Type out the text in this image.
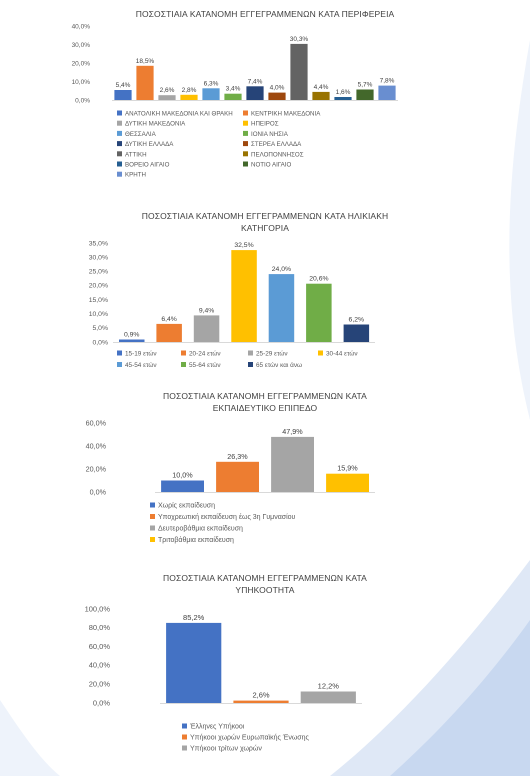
ΠΟΣΟΣΤΙΑΙΑ ΚΑΤΑΝΟΜΗ ΕΓΓΕΓΡΑΜΜΕΝΩΝ ΚΑΤΑ ΠΕΡΙΦΕΡΕΙΑ
40,0%
30,0%
20,0%
10,0%
0,0%
5,4%
18,5%
2,6% 2,8%
6,3%
3,4%
7,4%
4,0%
30,3%
4,4%
1,6%
5,7%
7,8%
ΑΝΑΤΟΛΙΚΗ ΜΑΚΕΔΟΝΙΑ ΚΑΙ ΘΡΑΚΗ	ΚΕΝΤΡΙΚΗ ΜΑΚΕΔΟΝΙΑ
ΔΥΤΙΚΗ ΜΑΚΕΔΟΝΙΑ	ΗΠΕΙΡΟΣ
ΘΕΣΣΑΛΙΑ	ΙΟΝΙΑ ΝΗΣΙΑ
ΔΥΤΙΚΗ ΕΛΛΑΔΑ	ΣΤΕΡΕΑ ΕΛΛΑΔΑ
ΑΤΤΙΚΗ	ΠΕΛΟΠΟΝΝΗΣΟΣ
ΒΟΡΕΙΟ ΑΙΓΑΙΟ	ΝΟΤΙΟ ΑΙΓΑΙΟ
ΚΡΗΤΗ
ΠΟΣΟΣΤΙΑΙΑ ΚΑΤΑΝΟΜΗ ΕΓΓΕΓΡΑΜΜΕΝΩΝ ΚΑΤΑ ΗΛΙΚΙΑΚΗ
ΚΑΤΗΓΟΡΙΑ
35,0%
30,0%
25,0%
20,0%
15,0%
10,0%
5,0%
0,0%
0,9%
6,4%
9,4%
32,5%
24,0%
20,6%
6,2%
15-19 ετών	20-24 ετών	25-29 ετών	30-44 ετών
45-54 ετών	55-64 ετών	65 ετών και άνω
ΠΟΣΟΣΤΙΑΙΑ ΚΑΤΑΝΟΜΗ ΕΓΓΕΓΡΑΜΜΕΝΩΝ ΚΑΤΑ
ΕΚΠΑΙΔΕΥΤΙΚΟ ΕΠΙΠΕΔΟ
60,0%
40,0%
20,0%
0,0%
10,0%
26,3%
47,9%
15,9%
Χωρίς εκπαίδευση
Υποχρεωτική εκπαίδευση έως 3η Γυμνασίου
Δευτεροβάθμια εκπαίδευση
Τριτοβάθμια εκπαίδευση
ΠΟΣΟΣΤΙΑΙΑ ΚΑΤΑΝΟΜΗ ΕΓΓΕΓΡΑΜΜΕΝΩΝ ΚΑΤΑ
ΥΠΗΚΟΟΤΗΤΑ
100,0%
80,0%
60,0%
40,0%
20,0%
0,0%
85,2%
2,6%
12,2%
Έλληνες Υπήκοοι
Υπήκοοι χωρών Ευρωπαϊκής Ένωσης
Υπήκοοι τρίτων χωρών
